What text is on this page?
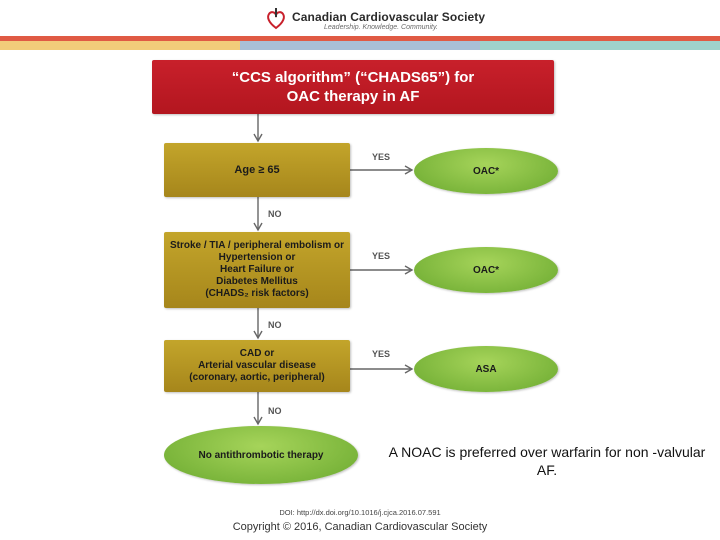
Canadian Cardiovascular Society
Leadership. Knowledge. Community.
“CCS algorithm” (“CHADS65”) for
OAC therapy in AF
Age ≥ 65
YES
OAC*
NO
Stroke / TIA / peripheral embolism or
Hypertension or
Heart Failure or
Diabetes Mellitus
(CHADS₂ risk factors)
YES
OAC*
NO
CAD or
Arterial vascular disease
(coronary, aortic, peripheral)
YES
ASA
NO
No antithrombotic therapy	A NOAC is preferred over warfarin for non -valvular AF.
DOI: http://dx.doi.org/10.1016/j.cjca.2016.07.591
Copyright © 2016, Canadian Cardiovascular Society
